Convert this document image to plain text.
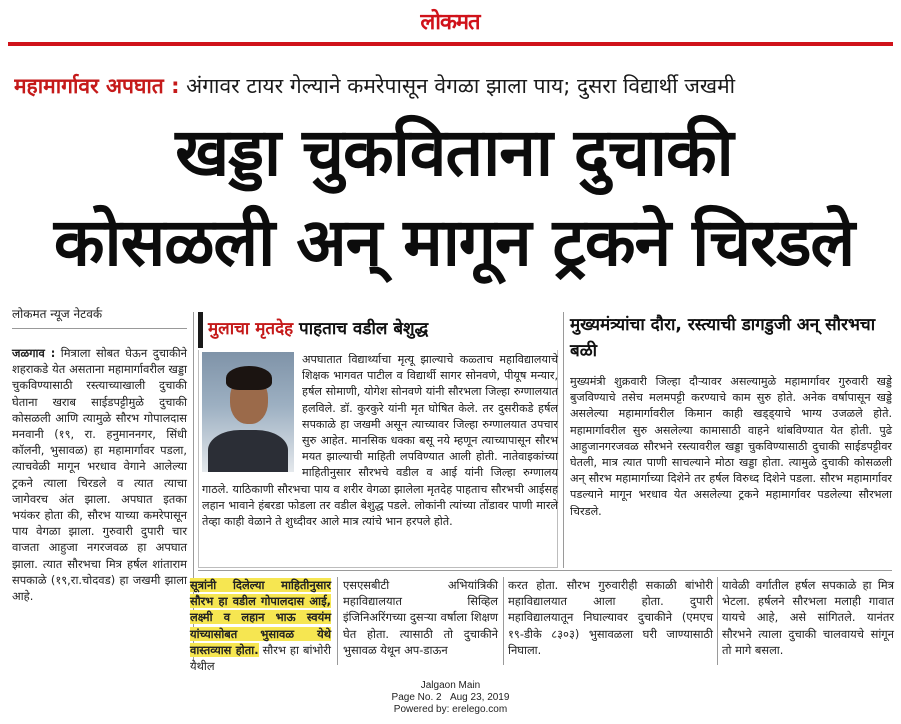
लोकमत
महामार्गावर अपघात : अंगावर टायर गेल्याने कमरेपासून वेगळा झाला पाय; दुसरा विद्यार्थी जखमी
खड्डा चुकविताना दुचाकी
कोसळली अन् मागून ट्रकने चिरडले
लोकमत न्यूज नेटवर्क
जळगाव : मित्राला सोबत घेऊन दुचाकीने शहराकडे येत असताना महामार्गावरील खड्डा चुकविण्यासाठी रस्त्याच्याखाली दुचाकी घेताना खराब साईडपट्टीमुळे दुचाकी कोसळली आणि त्यामुळे सौरभ गोपालदास मनवानी (१९, रा. हनुमाननगर, सिंधी कॉलनी, भुसावळ) हा महामार्गावर पडला, त्याचवेळी मागून भरधाव वेगाने आलेल्या ट्रकने त्याला चिरडले व त्यात त्याचा जागेवरच अंत झाला. अपघात इतका भयंकर होता की, सौरभ याच्या कमरेपासून पाय वेगळा झाला. गुरुवारी दुपारी चार वाजता आहुजा नगरजवळ हा अपघात झाला. त्यात सौरभचा मित्र हर्षल शांताराम सपकाळे (१९,रा.चोदवड) हा जखमी झाला आहे.
मुलाचा मृतदेह पाहताच वडील बेशुद्ध
अपघातात विद्यार्थ्याचा मृत्यू झाल्याचे कळ्ताच महाविद्यालयाचे शिक्षक भागवत पाटील व विद्यार्थी सागर सोनवणे, पीयूष मन्यार, हर्षल सोमाणी, योगेश सोनवणे यांनी सौरभला जिल्हा रुग्णालयात हलविले. डॉ. कुरकुरे यांनी मृत घोषित केले. तर दुसरीकडे हर्षल सपकाळे हा जखमी असून त्याच्यावर जिल्हा रुग्णालयात उपचार सुरु आहेत. मानसिक धक्का बसू नये म्हणून त्याच्यापासून सौरभ मयत झाल्याची माहिती लपविण्यात आली होती. नातेवाइकांच्या माहितीनुसार सौरभचे वडील व आई यांनी जिल्हा रुग्णालय गाठले. याठिकाणी सौरभचा पाय व शरीर वेगळा झालेला मृतदेह पाहताच सौरभची आईसह लहान भावाने हंबरडा फोडला तर वडील बेशुद्ध पडले. लोकांनी त्यांच्या तोंडावर पाणी मारले तेव्हा काही वेळाने ते शुध्दीवर आले मात्र त्यांचे भान हरपले होते.
मुख्यमंत्र्यांचा दौरा, रस्त्याची डागडुजी अन् सौरभचा बळी
मुख्यमंत्री शुक्रवारी जिल्हा दौऱ्यावर असल्यामुळे महामार्गावर गुरुवारी खड्डे बुजविण्याचे तसेच मलमपट्टी करण्याचे काम सुरु होते. अनेक वर्षापासून खड्डे असलेल्या महामार्गावरील किमान काही खड्ड्याचे भाग्य उजळले होते. महामार्गावरील सुरु असलेल्या कामासाठी वाहने थांबविण्यात येत होती. पुढे आहुजानगरजवळ सौरभने रस्त्यावरील खड्डा चुकविण्यासाठी दुचाकी साईडपट्टीवर घेतली, मात्र त्यात पाणी साचल्याने मोठा खड्डा होता. त्यामुळे दुचाकी कोसळली अन् सौरभ महामार्गाच्या दिशेने तर हर्षल विरुध्द दिशेने पडला. सौरभ महामार्गावर पडल्याने मागून भरधाव येत असलेल्या ट्रकने महामार्गावर पडलेल्या सौरभला चिरडले.
सूत्रांनी दिलेल्या माहितीनुसार सौरभ हा वडील गोपालदास आई, लक्ष्मी व लहान भाऊ स्वयंम यांच्यासोबत भुसावळ येथे वास्तव्यास होता. सौरभ हा बांभोरी येथील
एसएसबीटी अभियांत्रिकी महाविद्यालयात सिव्हिल इंजिनिअरिंगच्या दुसऱ्या वर्षाला शिक्षण घेत होता. त्यासाठी तो दुचाकीने भुसावळ येथून अप-डाऊन
करत होता. सौरभ गुरुवारीही सकाळी बांभोरी महाविद्यालयात आला होता. दुपारी महाविद्यालयातून निघाल्यावर दुचाकीने (एमएच १९-डीके ८३०३) भुसावळला घरी जाण्यासाठी निघाला.
यावेळी वर्गातील हर्षल सपकाळे हा मित्र भेटला. हर्षलने सौरभला मलाही गावात यायचे आहे, असे सांगितले. यानंतर सौरभने त्याला दुचाकी चालवायचे सांगून तो मागे बसला.
Jalgaon Main
Page No. 2 Aug 23, 2019
Powered by: erelego.com
